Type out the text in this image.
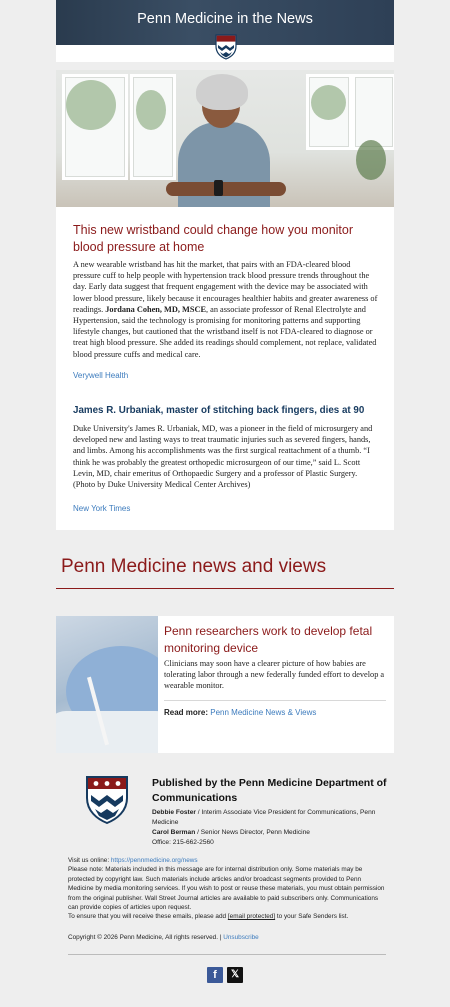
Penn Medicine in the News
This new wristband could change how you monitor blood pressure at home

A new wearable wristband has hit the market, that pairs with an FDA-cleared blood pressure cuff to help people with hypertension track blood pressure trends throughout the day. Early data suggest that frequent engagement with the device may be associated with lower blood pressure, likely because it encourages healthier habits and greater awareness of readings. Jordana Cohen, MD, MSCE, an associate professor of Renal Electrolyte and Hypertension, said the technology is promising for monitoring patterns and supporting lifestyle changes, but cautioned that the wristband itself is not FDA-cleared to diagnose or treat high blood pressure. She added its readings should complement, not replace, validated blood pressure cuffs and medical care.

Verywell Health
James R. Urbaniak, master of stitching back fingers, dies at 90

Duke University's James R. Urbaniak, MD, was a pioneer in the field of microsurgery and developed new and lasting ways to treat traumatic injuries such as severed fingers, hands, and limbs. Among his accomplishments was the first surgical reattachment of a thumb. “I think he was probably the greatest orthopedic microsurgeon of our time,” said L. Scott Levin, MD, chair emeritus of Orthopaedic Surgery and a professor of Plastic Surgery. (Photo by Duke University Medical Center Archives)

New York Times
Penn Medicine news and views
Penn researchers work to develop fetal monitoring device

Clinicians may soon have a clearer picture of how babies are tolerating labor through a new federally funded effort to develop a wearable monitor.

Read more: Penn Medicine News & Views
Published by the Penn Medicine Department of Communications
Debbie Foster / Interim Associate Vice President for Communications, Penn Medicine
Carol Berman / Senior News Director, Penn Medicine
Office: 215-662-2560
Visit us online: https://pennmedicine.org/news
Please note: Materials included in this message are for internal distribution only. Some materials may be protected by copyright law. Such materials include articles and/or broadcast segments provided to Penn Medicine by media monitoring services. If you wish to post or reuse these materials, you must obtain permission from the original publisher. Wall Street Journal articles are available to paid subscribers only. Communications can provide copies of articles upon request.
To ensure that you will receive these emails, please add [email protected] to your Safe Senders list.
Copyright © 2026 Penn Medicine, All rights reserved. | Unsubscribe
f	𝕏
